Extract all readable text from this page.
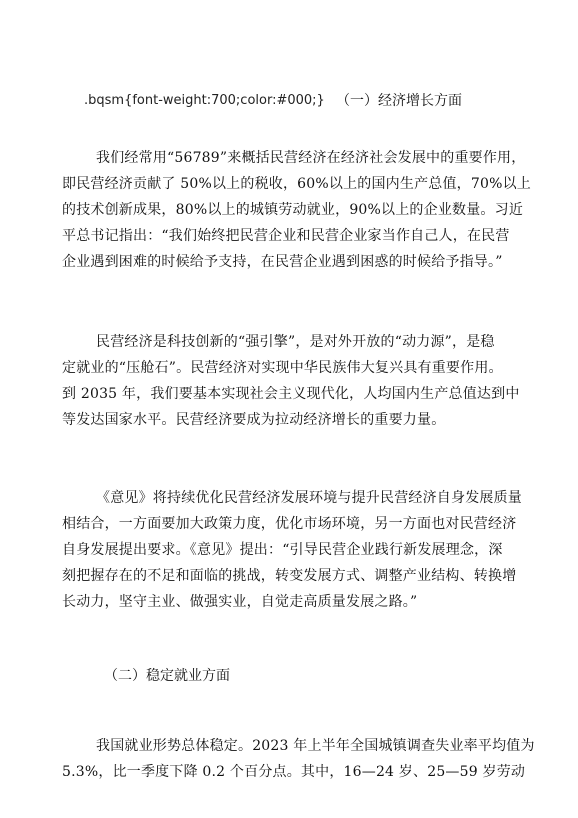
.bqsm{font-weight:700;color:#000;} （一）经济增长方面
我们经常用“56789”来概括民营经济在经济社会发展中的重要作用，
即民营经济贡献了 50%以上的税收，60%以上的国内生产总值，70%以上
的技术创新成果，80%以上的城镇劳动就业，90%以上的企业数量。习近
平总书记指出：“我们始终把民营企业和民营企业家当作自己人，在民营
企业遇到困难的时候给予支持，在民营企业遇到困惑的时候给予指导。”
民营经济是科技创新的“强引擎”，是对外开放的“动力源”，是稳
定就业的“压舱石”。民营经济对实现中华民族伟大复兴具有重要作用。
到 2035 年，我们要基本实现社会主义现代化，人均国内生产总值达到中
等发达国家水平。民营经济要成为拉动经济增长的重要力量。
《意见》将持续优化民营经济发展环境与提升民营经济自身发展质量
相结合，一方面要加大政策力度，优化市场环境，另一方面也对民营经济
自身发展提出要求。《意见》提出：“引导民营企业践行新发展理念，深
刻把握存在的不足和面临的挑战，转变发展方式、调整产业结构、转换增
长动力，坚守主业、做强实业，自觉走高质量发展之路。”
（二）稳定就业方面
我国就业形势总体稳定。2023 年上半年全国城镇调查失业率平均值为
5.3%，比一季度下降 0.2 个百分点。其中，16—24 岁、25—59 岁劳动
